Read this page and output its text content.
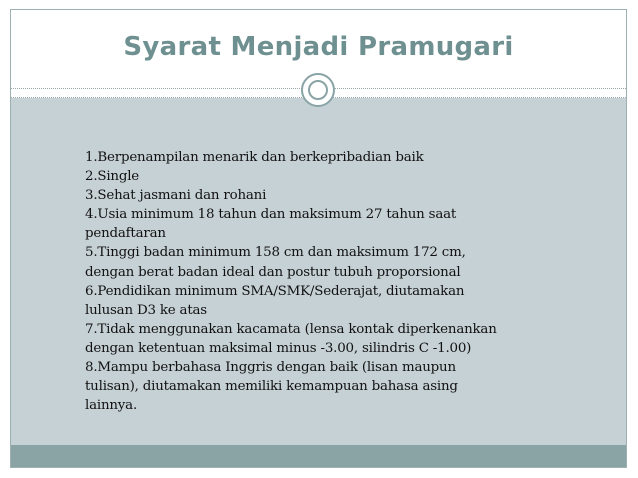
Syarat Menjadi Pramugari
1.Berpenampilan menarik dan berkepribadian baik
2.Single
3.Sehat jasmani dan rohani
4.Usia minimum 18 tahun dan maksimum 27 tahun saat
pendaftaran
5.Tinggi badan minimum 158 cm dan maksimum 172 cm,
dengan berat badan ideal dan postur tubuh proporsional
6.Pendidikan minimum SMA/SMK/Sederajat, diutamakan
lulusan D3 ke atas
7.Tidak menggunakan kacamata (lensa kontak diperkenankan
dengan ketentuan maksimal minus -3.00, silindris C -1.00)
8.Mampu berbahasa Inggris dengan baik (lisan maupun
tulisan), diutamakan memiliki kemampuan bahasa asing
lainnya.
